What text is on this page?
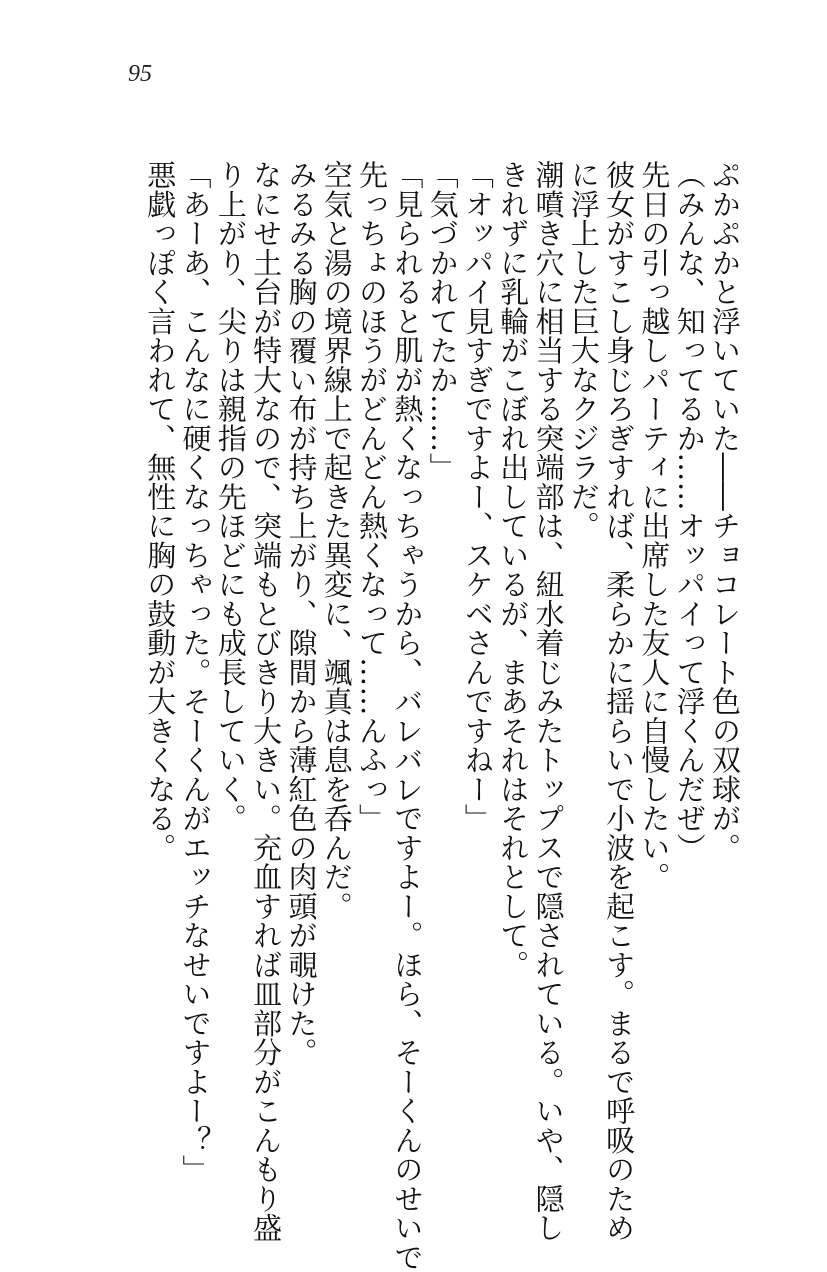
95
ぷかぷかと浮いていた――チョコレート色の双球が。
（みんな、知ってるか……オッパイって浮くんだぜ）
先日の引っ越しパーティに出席した友人に自慢したい。
彼女がすこし身じろぎすれば、柔らかに揺らいで小波を起こす。まるで呼吸のため
に浮上した巨大なクジラだ。
潮噴き穴に相当する突端部は、紐水着じみたトップスで隠されている。いや、隠し
きれずに乳輪がこぼれ出しているが、まあそれはそれとして。
「オッパイ見すぎですよー、スケベさんですねー」
「気づかれてたか……」
「見られると肌が熱くなっちゃうから、バレバレですよー。ほら、そーくんのせいで
先っちょのほうがどんどん熱くなって……んふっ」
空気と湯の境界線上で起きた異変に、颯真は息を呑んだ。
みるみる胸の覆い布が持ち上がり、隙間から薄紅色の肉頭が覗けた。
なにせ土台が特大なので、突端もとびきり大きい。充血すれば皿部分がこんもり盛
り上がり、尖りは親指の先ほどにも成長していく。
「あーあ、こんなに硬くなっちゃった。そーくんがエッチなせいですよー？」
悪戯っぽく言われて、無性に胸の鼓動が大きくなる。
